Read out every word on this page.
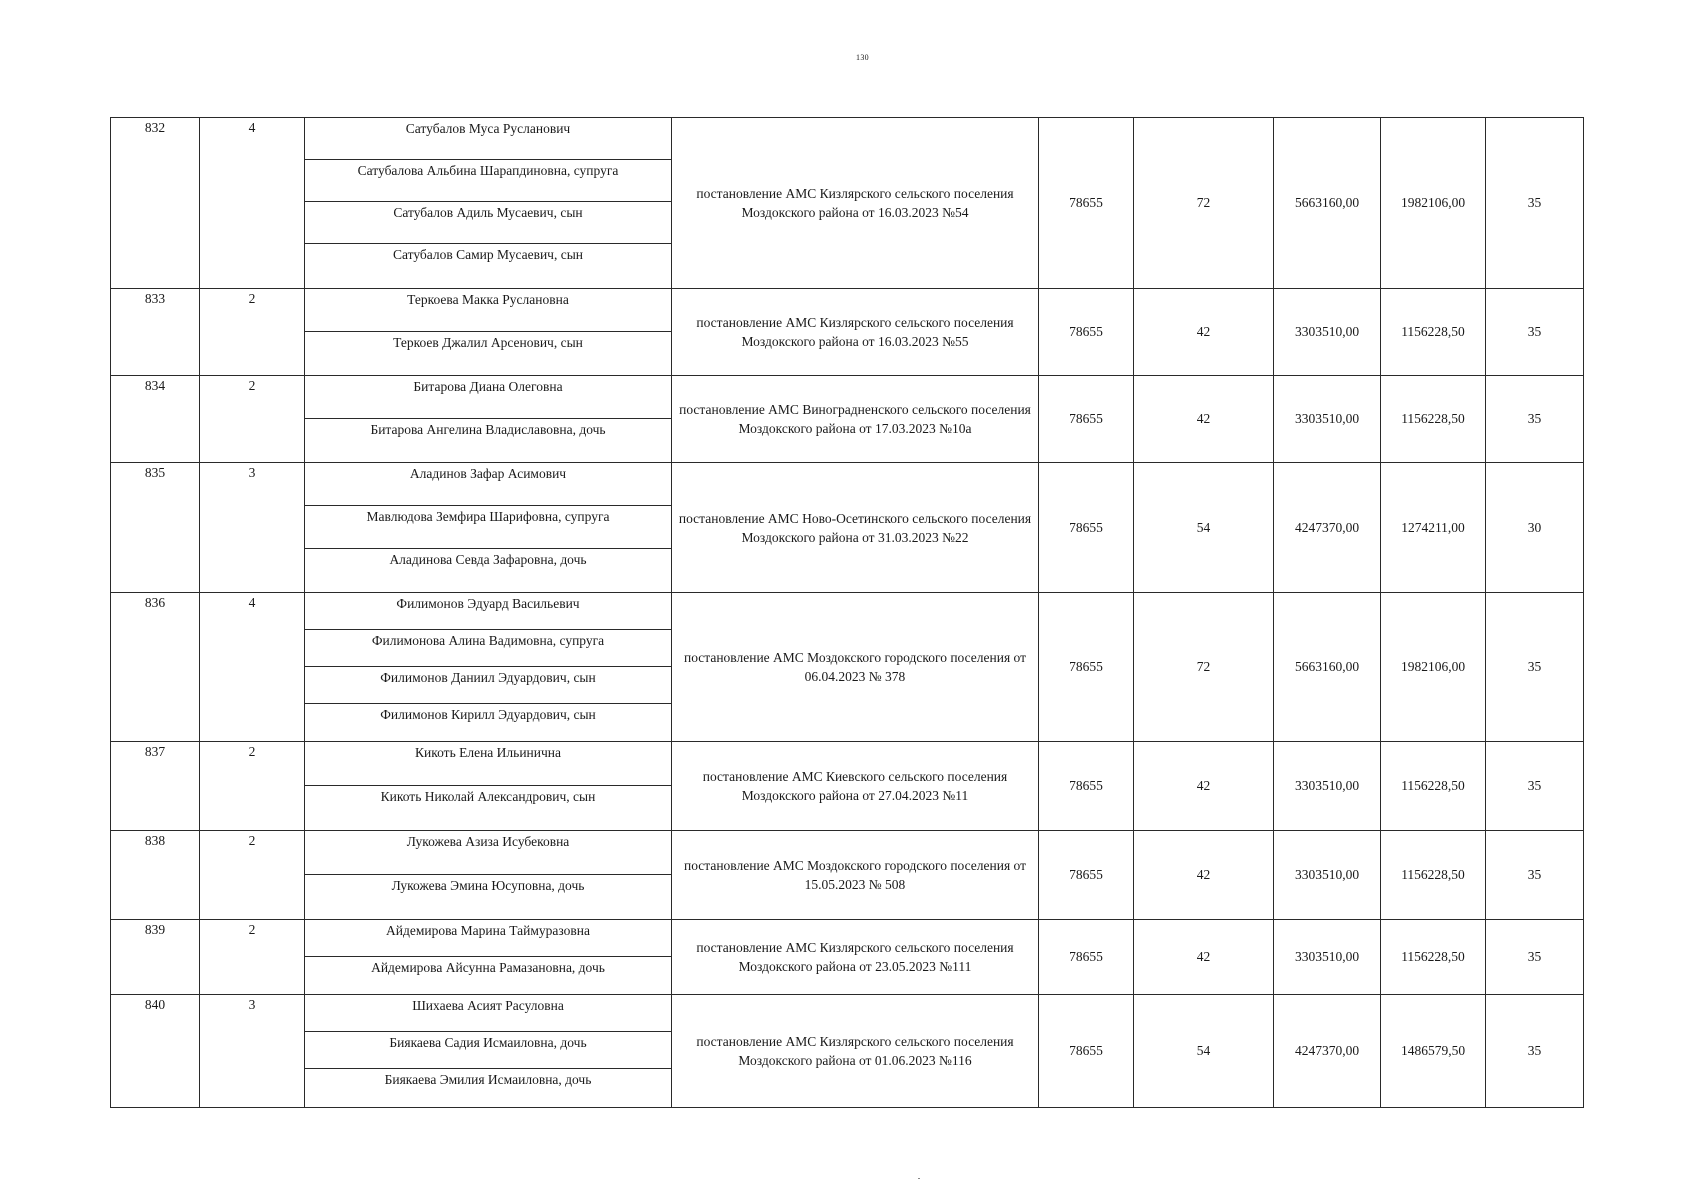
130
832	4	Сатубалов Муса Русланович
Сатубалова Альбина Шарапдиновна, супруга
Сатубалов Адиль Мусаевич, сын
Сатубалов Самир Мусаевич, сын	постановление АМС Кизлярского сельского поселения Моздокского района от 16.03.2023 №54	78655	72	5663160,00	1982106,00	35
833	2	Теркоева Макка Руслановна
Теркоев Джалил Арсенович, сын	постановление АМС Кизлярского сельского поселения Моздокского района от 16.03.2023 №55	78655	42	3303510,00	1156228,50	35
834	2	Битарова Диана Олеговна
Битарова Ангелина Владиславовна, дочь	постановление АМС Виноградненского сельского поселения Моздокского района от 17.03.2023 №10а	78655	42	3303510,00	1156228,50	35
835	3	Аладинов Зафар Асимович
Мавлюдова Земфира Шарифовна, супруга
Аладинова Севда Зафаровна, дочь	постановление АМС Ново-Осетинского сельского поселения Моздокского района от 31.03.2023 №22	78655	54	4247370,00	1274211,00	30
836	4	Филимонов Эдуард Васильевич
Филимонова Алина Вадимовна, супруга
Филимонов Даниил Эдуардович, сын
Филимонов Кирилл Эдуардович, сын	постановление АМС Моздокского городского поселения от 06.04.2023 № 378	78655	72	5663160,00	1982106,00	35
837	2	Кикоть Елена Ильинична
Кикоть Николай Александрович, сын	постановление АМС Киевского сельского поселения Моздокского района от 27.04.2023 №11	78655	42	3303510,00	1156228,50	35
838	2	Лукожева Азиза Исубековна
Лукожева Эмина Юсуповна, дочь	постановление АМС Моздокского городского поселения от 15.05.2023 № 508	78655	42	3303510,00	1156228,50	35
839	2	Айдемирова Марина Таймуразовна
Айдемирова Айсунна Рамазановна, дочь	постановление АМС Кизлярского сельского поселения Моздокского района от 23.05.2023 №111	78655	42	3303510,00	1156228,50	35
840	3	Шихаева Асият Расуловна
Биякаева Садия Исмаиловна, дочь
Биякаева Эмилия Исмаиловна, дочь	постановление АМС Кизлярского сельского поселения Моздокского района от 01.06.2023 №116	78655	54	4247370,00	1486579,50	35
